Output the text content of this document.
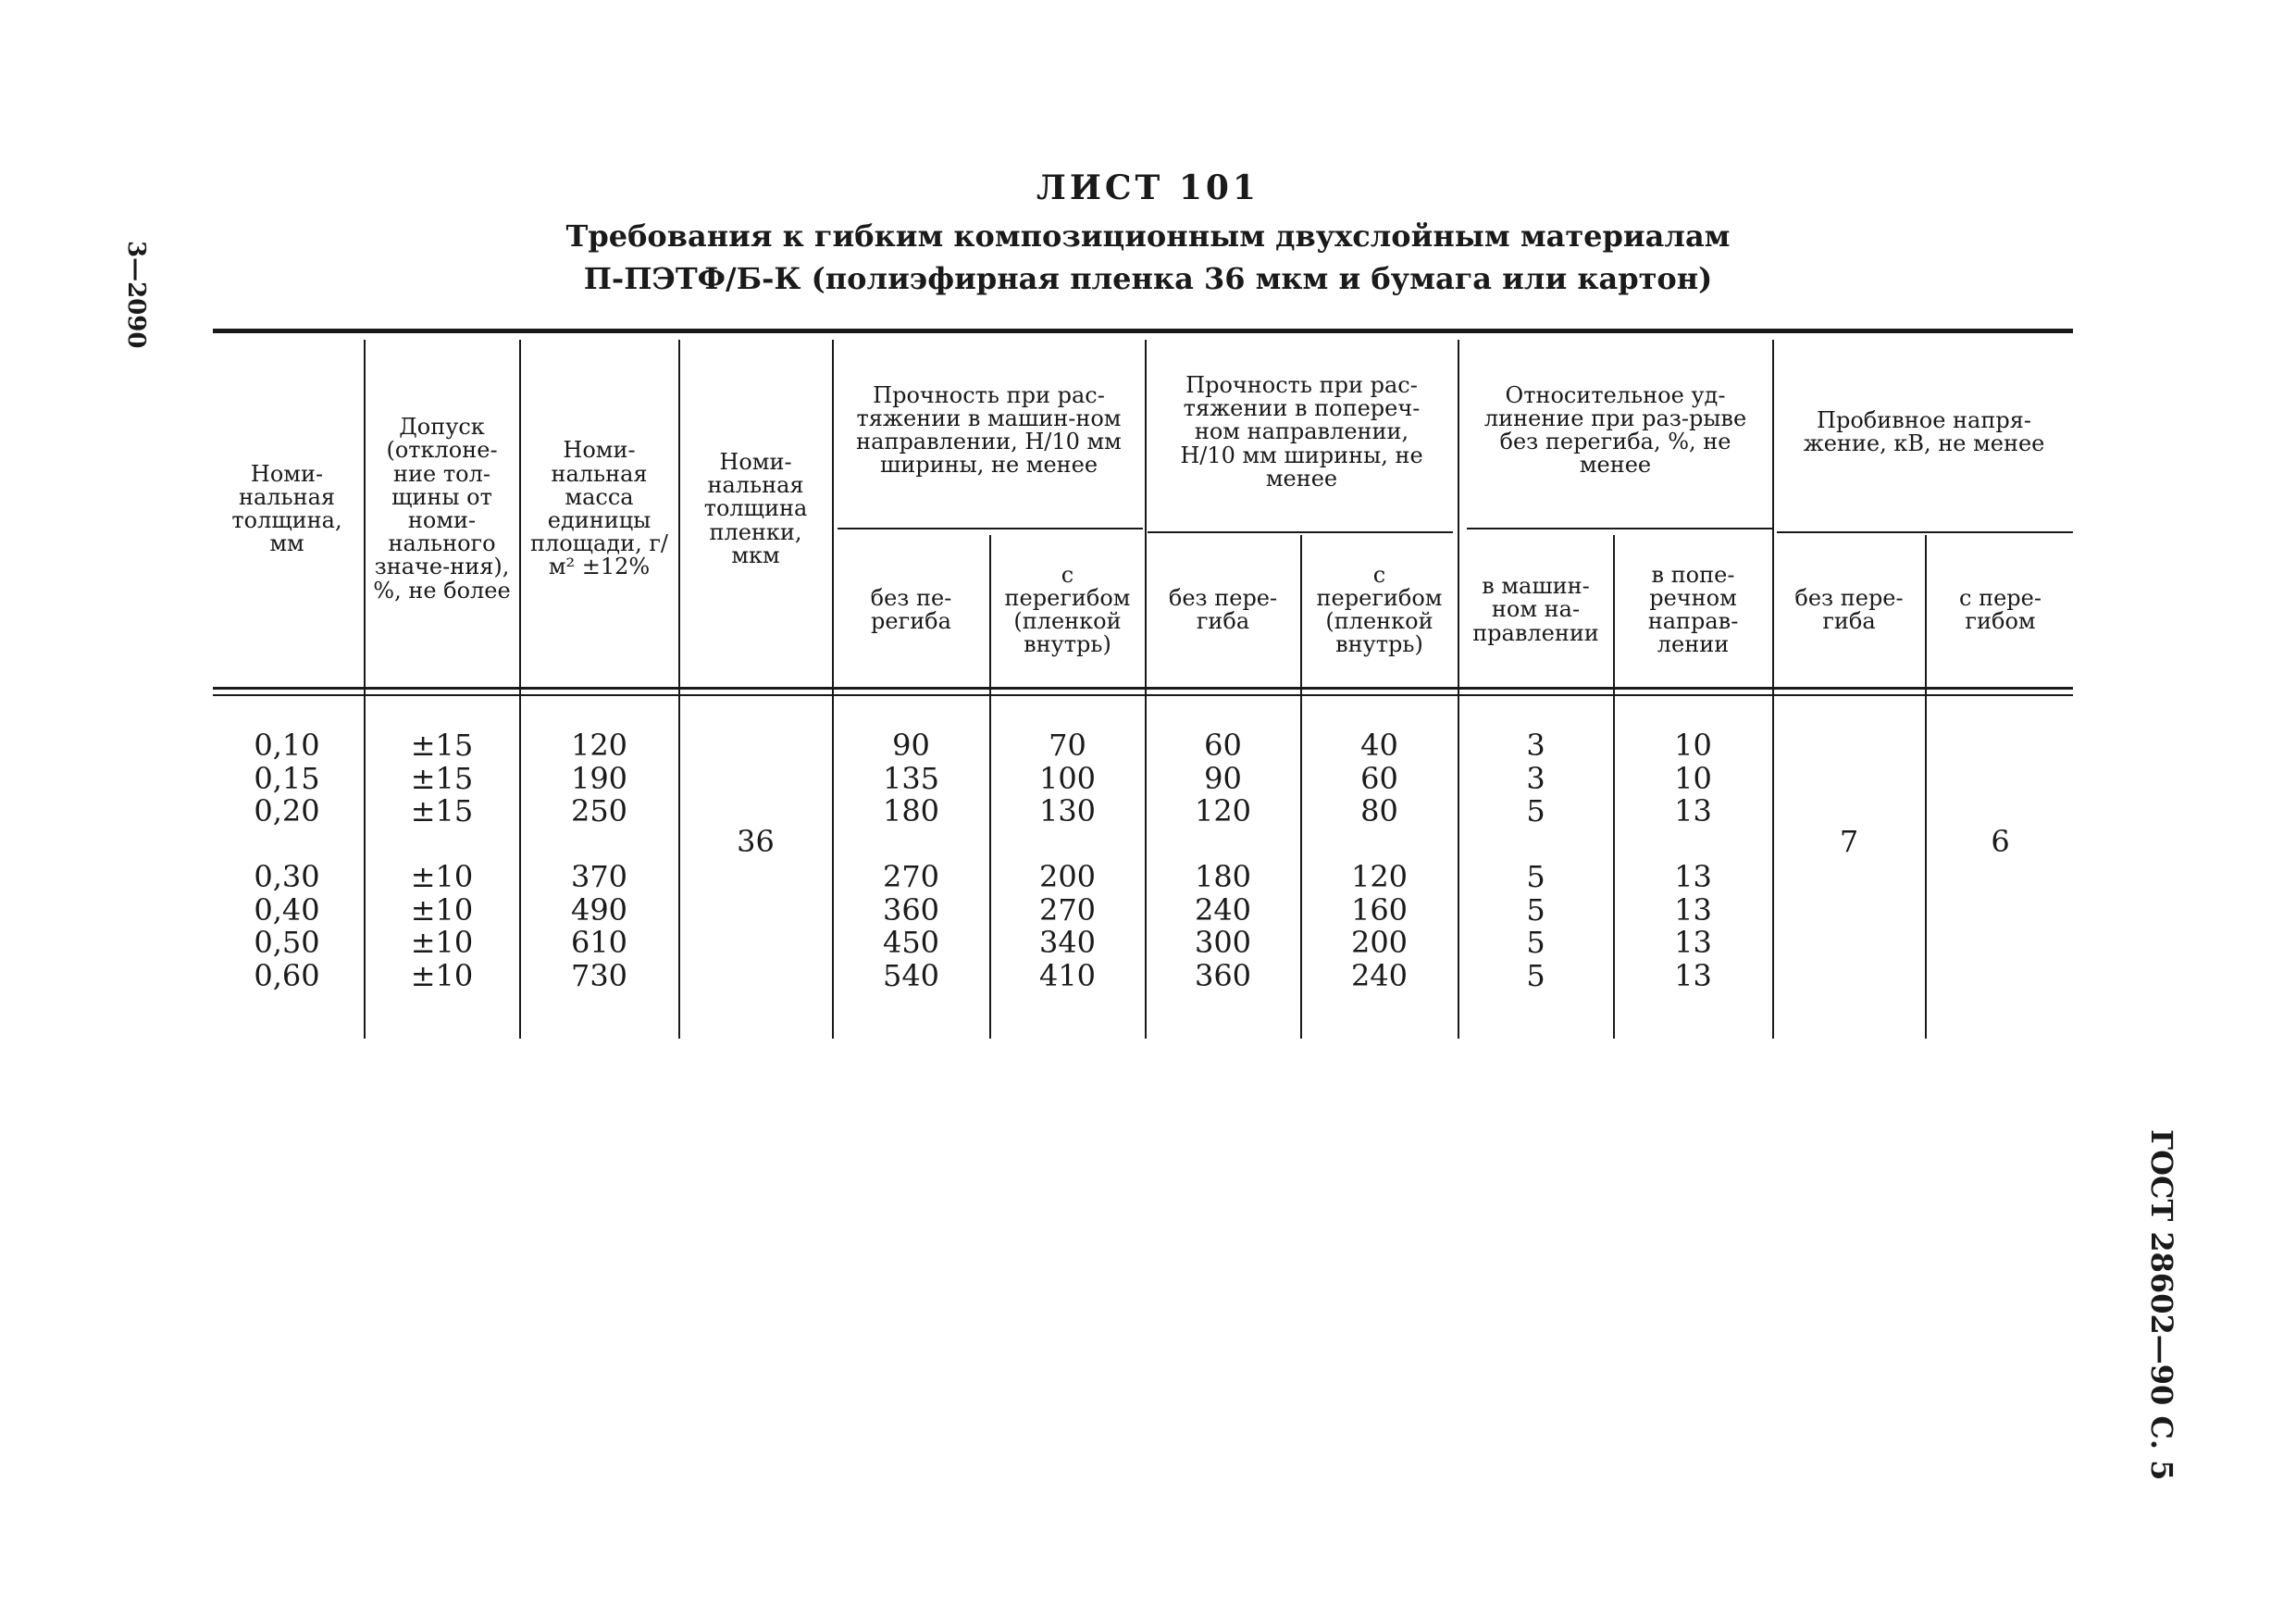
3—2090
ГОСТ 28602—90 С. 5
ЛИСТ 101
Требования к гибким композиционным двухслойным материалам
П-ПЭТФ/Б-К (полиэфирная пленка 36 мкм и бумага или картон)
Номи-нальная толщина, мм
Допуск (отклоне-ние тол-щины от номи-нального значе-ния), %, не более
Номи-нальная масса единицы площади, г/м² ±12%
Номи-нальная толщина пленки, мкм
Прочность при рас-тяжении в машин-ном направлении, Н/10 мм ширины, не менее
Прочность при рас-тяжении в попереч-ном направлении, Н/10 мм ширины, не менее
Относительное уд-линение при раз-рыве без перегиба, %, не менее
Пробивное напря-жение, кВ, не менее
без пе-региба
с перегибом (пленкой внутрь)
без пере-гиба
с перегибом (пленкой внутрь)
в машин-ном на-правлении
в попе-речном направ-лении
без пере-гиба
с пере-гибом
0,10
0,15
0,20
0,30
0,40
0,50
0,60
±15
±15
±15
±10
±10
±10
±10
120
190
250
370
490
610
730
90
135
180
270
360
450
540
70
100
130
200
270
340
410
60
90
120
180
240
300
360
40
60
80
120
160
200
240
3
3
5
5
5
5
5
10
10
13
13
13
13
13
36	7	6
